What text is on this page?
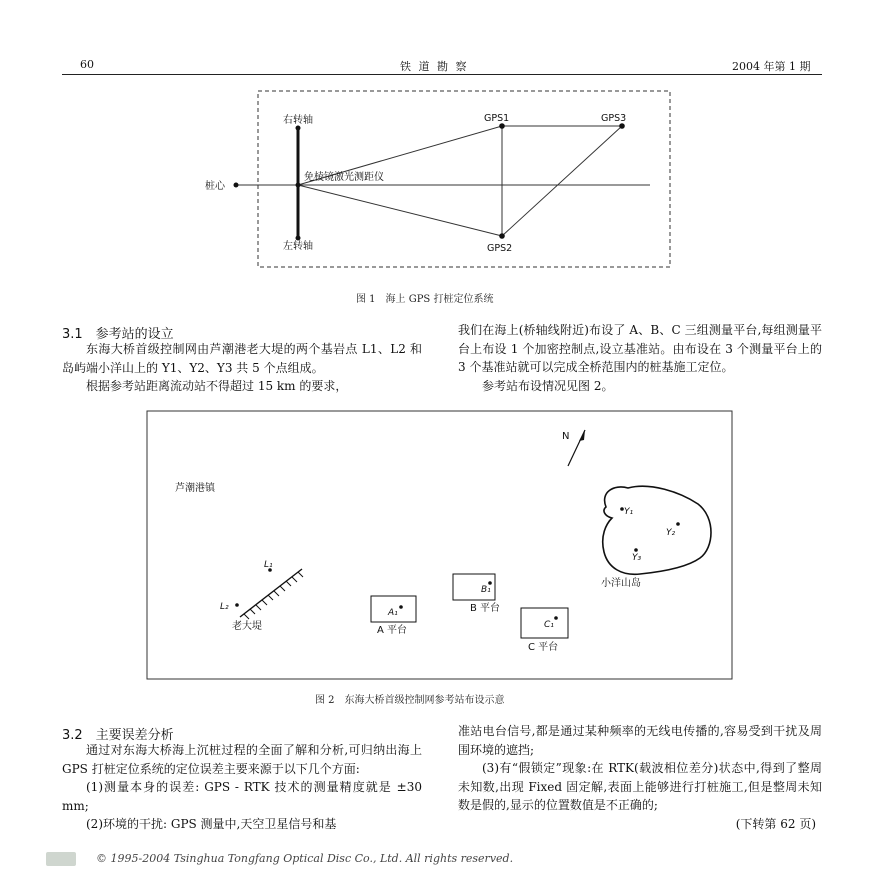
60	铁 道 勘 察	2004 年第 1 期
右转轴
左转轴
桩心
免棱镜激光测距仪
GPS1
GPS2
GPS3
图 1　海上 GPS 打桩定位系统
3.1　参考站的设立

东海大桥首级控制网由芦潮港老大堤的两个基岩点 L1、L2 和岛屿端小洋山上的 Y1、Y2、Y3 共 5 个点组成。

根据参考站距离流动站不得超过 15 km 的要求，

我们在海上(桥轴线附近)布设了 A、B、C 三组测量平台,每组测量平台上布设 1 个加密控制点,设立基准站。由布设在 3 个测量平台上的 3 个基准站就可以完成全桥范围内的桩基施工定位。

参考站布设情况见图 2。

N
芦潮港镇
L₁
L₂
老大堤
A₁
A 平台
B₁
B 平台
C₁
C 平台
Y₁
Y₂
Y₃
小洋山岛
图 2　东海大桥首级控制网参考站布设示意
3.2　主要误差分析

通过对东海大桥海上沉桩过程的全面了解和分析,可归纳出海上 GPS 打桩定位系统的定位误差主要来源于以下几个方面:

(1)测量本身的误差: GPS - RTK 技术的测量精度就是 ±30 mm;

(2)环境的干扰: GPS 测量中,天空卫星信号和基

准站电台信号,都是通过某种频率的无线电传播的,容易受到干扰及周围环境的遮挡;

(3)有“假锁定”现象:在 RTK(载波相位差分)状态中,得到了整周未知数,出现 Fixed 固定解,表面上能够进行打桩施工,但是整周未知数是假的,显示的位置数值是不正确的;

(下转第 62 页)

© 1995-2004 Tsinghua Tongfang Optical Disc Co., Ltd. All rights reserved.
